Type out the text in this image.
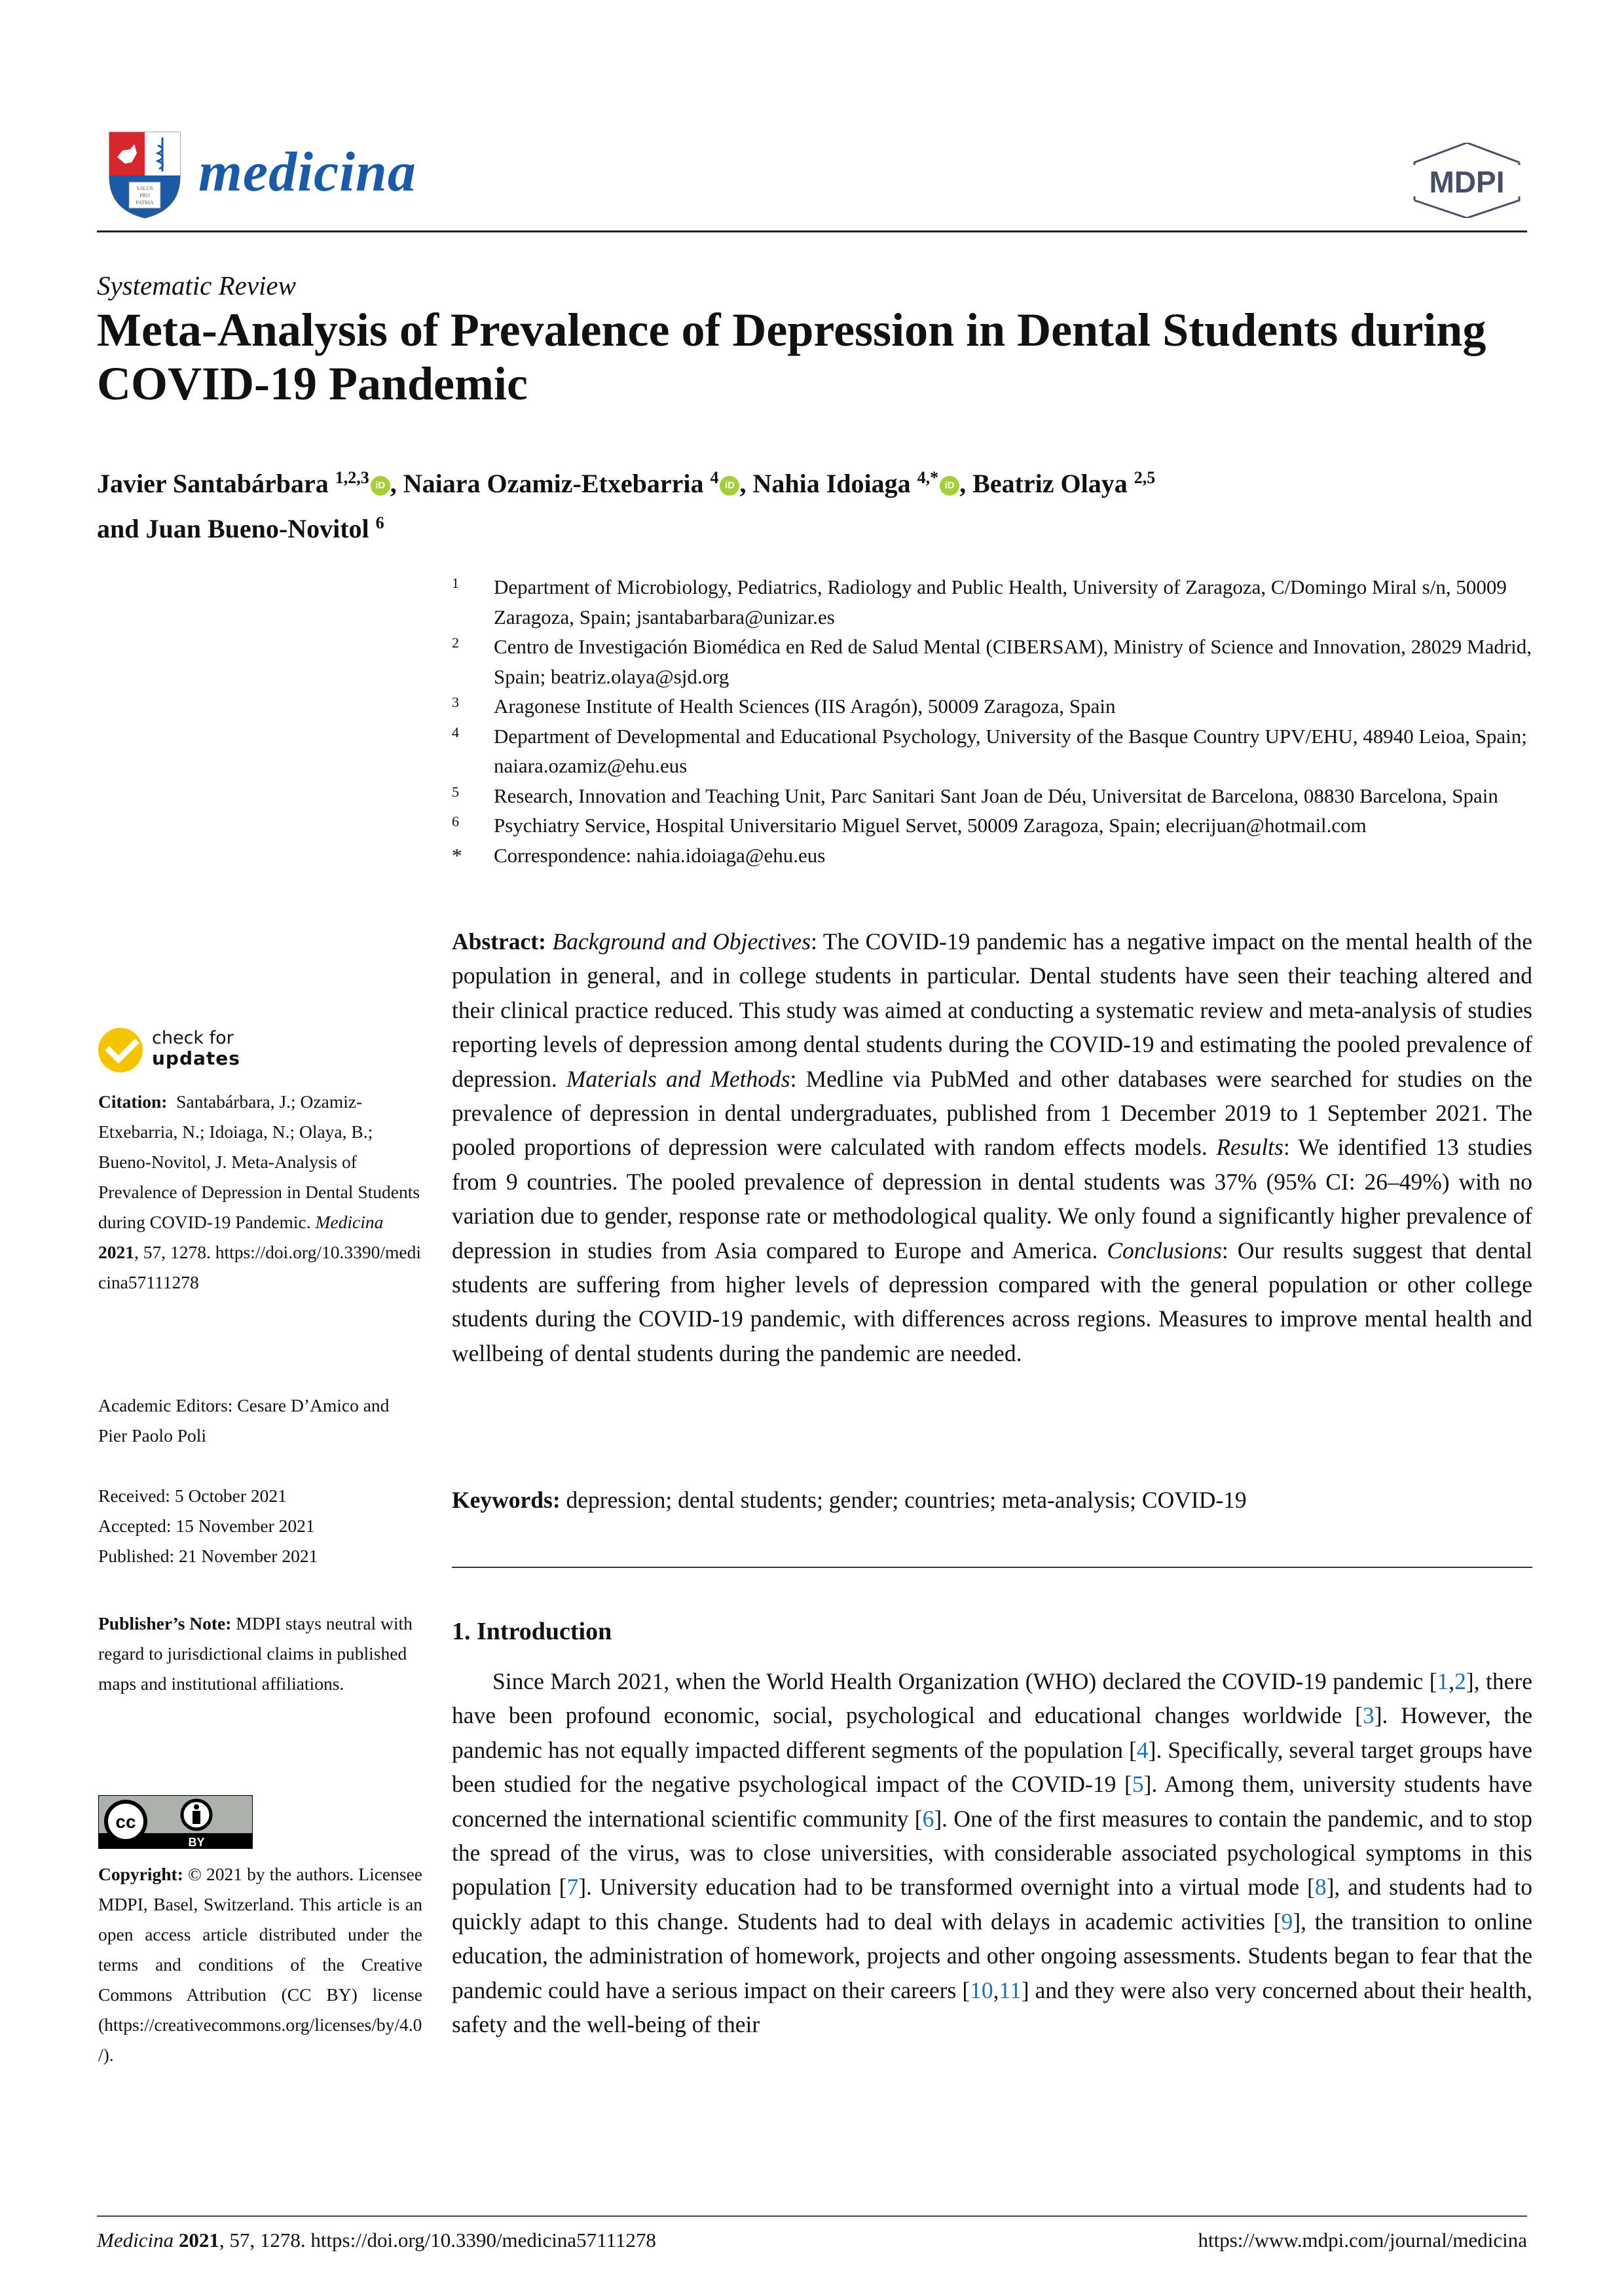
SALUS
PRO
PATRIA medicina	MDPI
Systematic Review
Meta-Analysis of Prevalence of Depression in Dental Students during COVID-19 Pandemic
Javier Santabárbara $^{1,2,3}$ iD , Naiara Ozamiz-Etxebarria $^4$ iD , Nahia Idoiaga $^{4,*}$ iD , Beatriz Olaya $^{2,5}$
and Juan Bueno-Novitol $^6$
1 Department of Microbiology, Pediatrics, Radiology and Public Health, University of Zaragoza, C/Domingo Miral s/n, 50009 Zaragoza, Spain; jsantabarbara@unizar.es
2 Centro de Investigación Biomédica en Red de Salud Mental (CIBERSAM), Ministry of Science and Innovation, 28029 Madrid, Spain; beatriz.olaya@sjd.org
3 Aragonese Institute of Health Sciences (IIS Aragón), 50009 Zaragoza, Spain
4 Department of Developmental and Educational Psychology, University of the Basque Country UPV/EHU, 48940 Leioa, Spain; naiara.ozamiz@ehu.eus
5 Research, Innovation and Teaching Unit, Parc Sanitari Sant Joan de Déu, Universitat de Barcelona, 08830 Barcelona, Spain
6 Psychiatry Service, Hospital Universitario Miguel Servet, 50009 Zaragoza, Spain; elecrijuan@hotmail.com
* Correspondence: nahia.idoiaga@ehu.eus
check for
updates
Citation: Santabárbara, J.; Ozamiz-Etxebarria, N.; Idoiaga, N.; Olaya, B.; Bueno-Novitol, J. Meta-Analysis of Prevalence of Depression in Dental Students during COVID-19 Pandemic. Medicina 2021, 57, 1278. https://doi.org/10.3390/medicina57111278
Academic Editors: Cesare D’Amico and Pier Paolo Poli
Received: 5 October 2021
Accepted: 15 November 2021
Published: 21 November 2021
Publisher’s Note: MDPI stays neutral with regard to jurisdictional claims in published maps and institutional affiliations.
cc
BY
Copyright: © 2021 by the authors. Licensee MDPI, Basel, Switzerland. This article is an open access article distributed under the terms and conditions of the Creative Commons Attribution (CC BY) license (https://creativecommons.org/licenses/by/4.0/).
Abstract: Background and Objectives: The COVID-19 pandemic has a negative impact on the mental health of the population in general, and in college students in particular. Dental students have seen their teaching altered and their clinical practice reduced. This study was aimed at conducting a systematic review and meta-analysis of studies reporting levels of depression among dental students during the COVID-19 and estimating the pooled prevalence of depression. Materials and Methods: Medline via PubMed and other databases were searched for studies on the prevalence of depression in dental undergraduates, published from 1 December 2019 to 1 September 2021. The pooled proportions of depression were calculated with random effects models. Results: We identified 13 studies from 9 countries. The pooled prevalence of depression in dental students was 37% (95% CI: 26–49%) with no variation due to gender, response rate or methodological quality. We only found a significantly higher prevalence of depression in studies from Asia compared to Europe and America. Conclusions: Our results suggest that dental students are suffering from higher levels of depression compared with the general population or other college students during the COVID-19 pandemic, with differences across regions. Measures to improve mental health and wellbeing of dental students during the pandemic are needed.
Keywords: depression; dental students; gender; countries; meta-analysis; COVID-19
1. Introduction
Since March 2021, when the World Health Organization (WHO) declared the COVID-19 pandemic [1,2], there have been profound economic, social, psychological and educational changes worldwide [3]. However, the pandemic has not equally impacted different segments of the population [4]. Specifically, several target groups have been studied for the negative psychological impact of the COVID-19 [5]. Among them, university students have concerned the international scientific community [6]. One of the first measures to contain the pandemic, and to stop the spread of the virus, was to close universities, with considerable associated psychological symptoms in this population [7]. University education had to be transformed overnight into a virtual mode [8], and students had to quickly adapt to this change. Students had to deal with delays in academic activities [9], the transition to online education, the administration of homework, projects and other ongoing assessments. Students began to fear that the pandemic could have a serious impact on their careers [10,11] and they were also very concerned about their health, safety and the well-being of their
Medicina 2021, 57, 1278. https://doi.org/10.3390/medicina57111278	https://www.mdpi.com/journal/medicina
